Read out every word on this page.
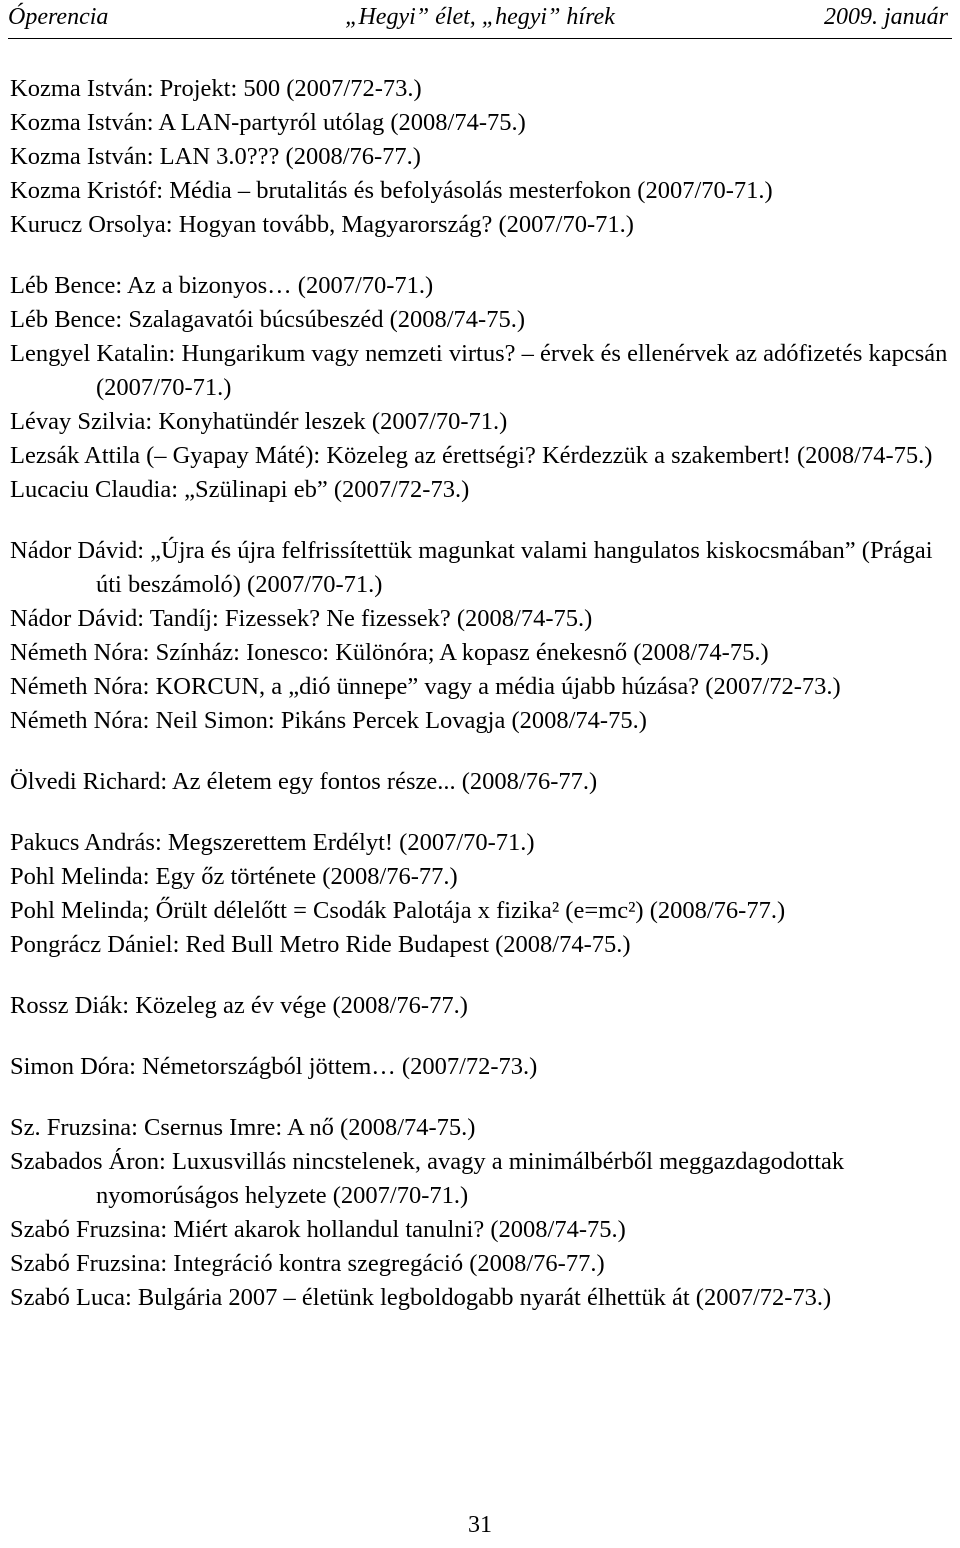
„Hegyi” élet, „hegyi” hírek
Óperencia	2009. január

Kozma István: Projekt: 500 (2007/72-73.)

Kozma István: A LAN-partyról utólag (2008/74-75.)

Kozma István: LAN 3.0??? (2008/76-77.)

Kozma Kristóf: Média – brutalitás és befolyásolás mesterfokon (2007/70-71.)

Kurucz Orsolya: Hogyan tovább, Magyarország? (2007/70-71.)

Léb Bence: Az a bizonyos… (2007/70-71.)

Léb Bence: Szalagavatói búcsúbeszéd (2008/74-75.)

Lengyel Katalin: Hungarikum vagy nemzeti virtus? – érvek és ellenérvek az adófizetés kapcsán (2007/70-71.)

Lévay Szilvia: Konyhatündér leszek (2007/70-71.)

Lezsák Attila (– Gyapay Máté): Közeleg az érettségi? Kérdezzük a szakembert! (2008/74-75.)

Lucaciu Claudia: „Szülinapi eb” (2007/72-73.)

Nádor Dávid: „Újra és újra felfrissítettük magunkat valami hangulatos kiskocsmában” (Prágai úti beszámoló) (2007/70-71.)

Nádor Dávid: Tandíj: Fizessek? Ne fizessek? (2008/74-75.)

Németh Nóra: Színház: Ionesco: Különóra; A kopasz énekesnő (2008/74-75.)

Németh Nóra: KORCUN, a „dió ünnepe” vagy a média újabb húzása? (2007/72-73.)

Németh Nóra: Neil Simon: Pikáns Percek Lovagja (2008/74-75.)

Ölvedi Richard: Az életem egy fontos része... (2008/76-77.)

Pakucs András: Megszerettem Erdélyt! (2007/70-71.)

Pohl Melinda: Egy őz története (2008/76-77.)

Pohl Melinda; Őrült délelőtt = Csodák Palotája x fizika² (e=mc²) (2008/76-77.)

Pongrácz Dániel: Red Bull Metro Ride Budapest (2008/74-75.)

Rossz Diák: Közeleg az év vége (2008/76-77.)

Simon Dóra: Németországból jöttem… (2007/72-73.)

Sz. Fruzsina: Csernus Imre: A nő (2008/74-75.)

Szabados Áron: Luxusvillás nincstelenek, avagy a minimálbérből meggazdagodottak nyomorúságos helyzete (2007/70-71.)

Szabó Fruzsina: Miért akarok hollandul tanulni? (2008/74-75.)

Szabó Fruzsina: Integráció kontra szegregáció (2008/76-77.)

Szabó Luca: Bulgária 2007 – életünk legboldogabb nyarát élhettük át (2007/72-73.)

31
